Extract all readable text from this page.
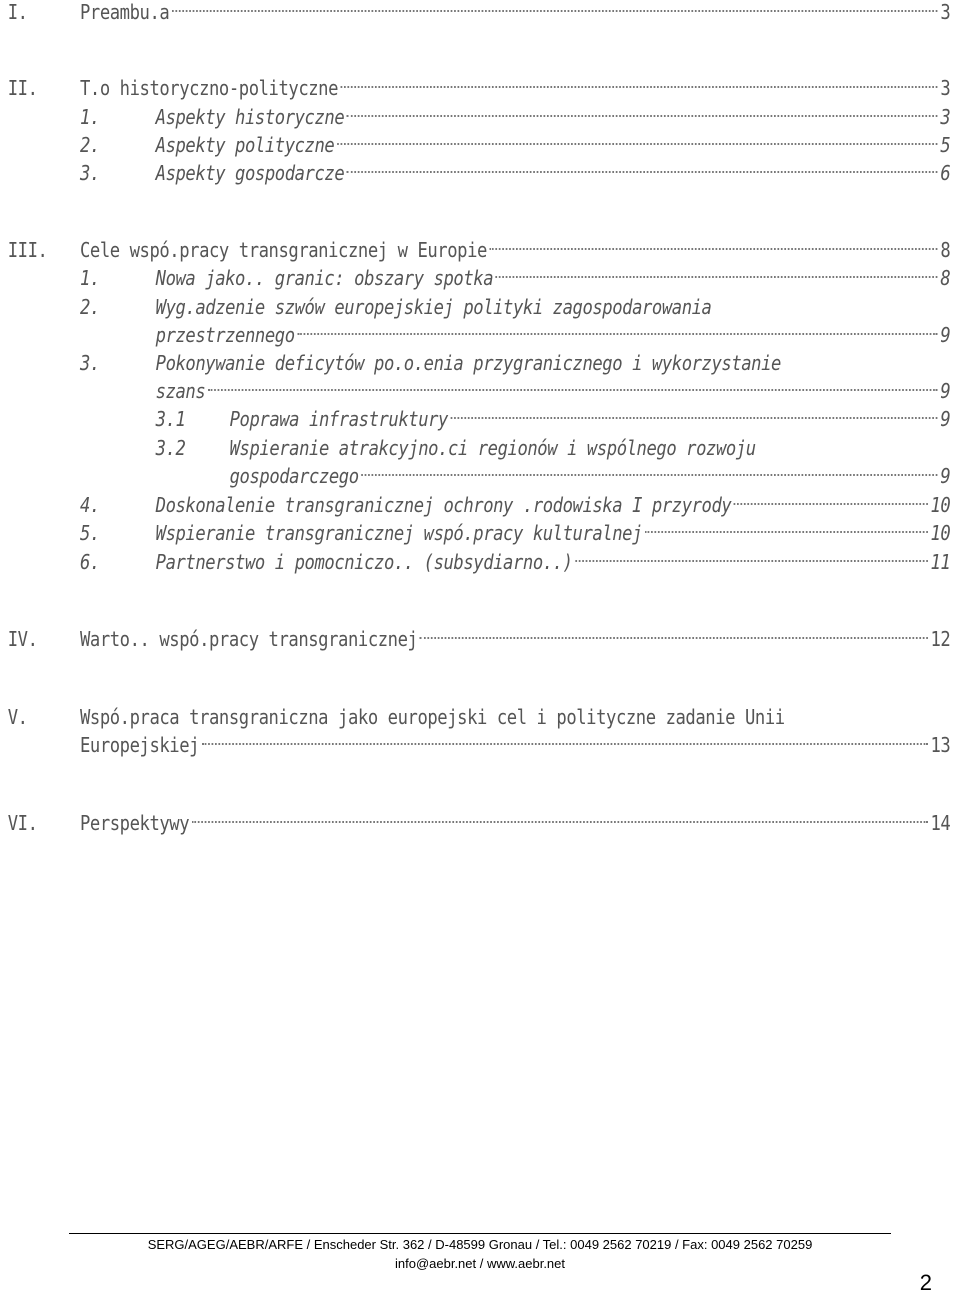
I.	Preambu.a	3
II. T.o historyczno-polityczne	3
1.	Aspekty historyczne	3
2.	Aspekty polityczne	5
3.	Aspekty gospodarcze	6
III. Cele wspó.pracy transgranicznej w Europie	8
1.	Nowa jako.. granic: obszary spotka	8
2.	Wyg.adzenie szwów europejskiej polityki zagospodarowania
przestrzennego	9
3.	Pokonywanie deficytów po.o.enia przygranicznego i wykorzystanie
szans	9
3.1 Poprawa infrastruktury	9
3.2 Wspieranie atrakcyjno.ci regionów i wspólnego rozwoju
gospodarczego	9
4.	Doskonalenie transgranicznej ochrony .rodowiska I przyrody	10
5.	Wspieranie transgranicznej wspó.pracy kulturalnej	10
6.	Partnerstwo i pomocniczo.. (subsydiarno..)	11
IV. Warto.. wspó.pracy transgranicznej	12
V.	Wspó.praca transgraniczna jako europejski cel i polityczne zadanie Unii
Europejskiej	13
VI. Perspektywy	14
SERG/AGEG/AEBR/ARFE / Enscheder Str. 362 / D-48599 Gronau / Tel.: 0049 2562 70219 / Fax: 0049 2562 70259
info@aebr.net / www.aebr.net
2
